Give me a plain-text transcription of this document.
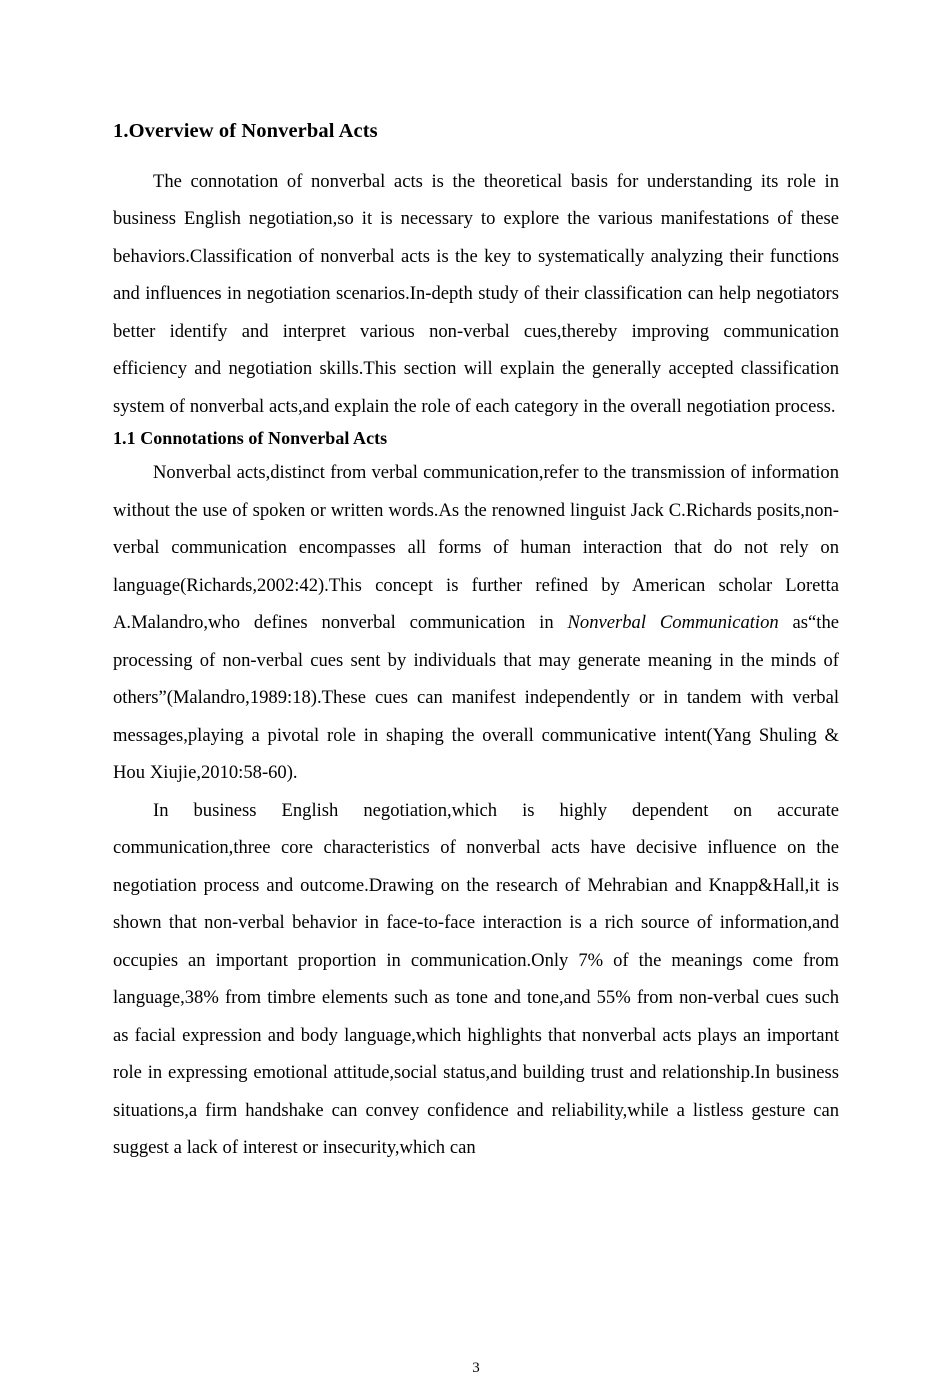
1.Overview of Nonverbal Acts

The connotation of nonverbal acts is the theoretical basis for understanding its role in business English negotiation,so it is necessary to explore the various manifestations of these behaviors.Classification of nonverbal acts is the key to systematically analyzing their functions and influences in negotiation scenarios.In-depth study of their classification can help negotiators better identify and interpret various non-verbal cues,thereby improving communication efficiency and negotiation skills.This section will explain the generally accepted classification system of nonverbal acts,and explain the role of each category in the overall negotiation process.

1.1 Connotations of Nonverbal Acts

Nonverbal acts,distinct from verbal communication,refer to the transmission of information without the use of spoken or written words.As the renowned linguist Jack C.Richards posits,non-verbal communication encompasses all forms of human interaction that do not rely on language(Richards,2002:42).This concept is further refined by American scholar Loretta A.Malandro,who defines nonverbal communication in Nonverbal Communication as“the processing of non-verbal cues sent by individuals that may generate meaning in the minds of others”(Malandro,1989:18).These cues can manifest independently or in tandem with verbal messages,playing a pivotal role in shaping the overall communicative intent(Yang Shuling & Hou Xiujie,2010:58-60).

In business English negotiation,which is highly dependent on accurate communication,three core characteristics of nonverbal acts have decisive influence on the negotiation process and outcome.Drawing on the research of Mehrabian and Knapp&Hall,it is shown that non-verbal behavior in face-to-face interaction is a rich source of information,and occupies an important proportion in communication.Only 7% of the meanings come from language,38% from timbre elements such as tone and tone,and 55% from non-verbal cues such as facial expression and body language,which highlights that nonverbal acts plays an important role in expressing emotional attitude,social status,and building trust and relationship.In business situations,a firm handshake can convey confidence and reliability,while a listless gesture can suggest a lack of interest or insecurity,which can

3
